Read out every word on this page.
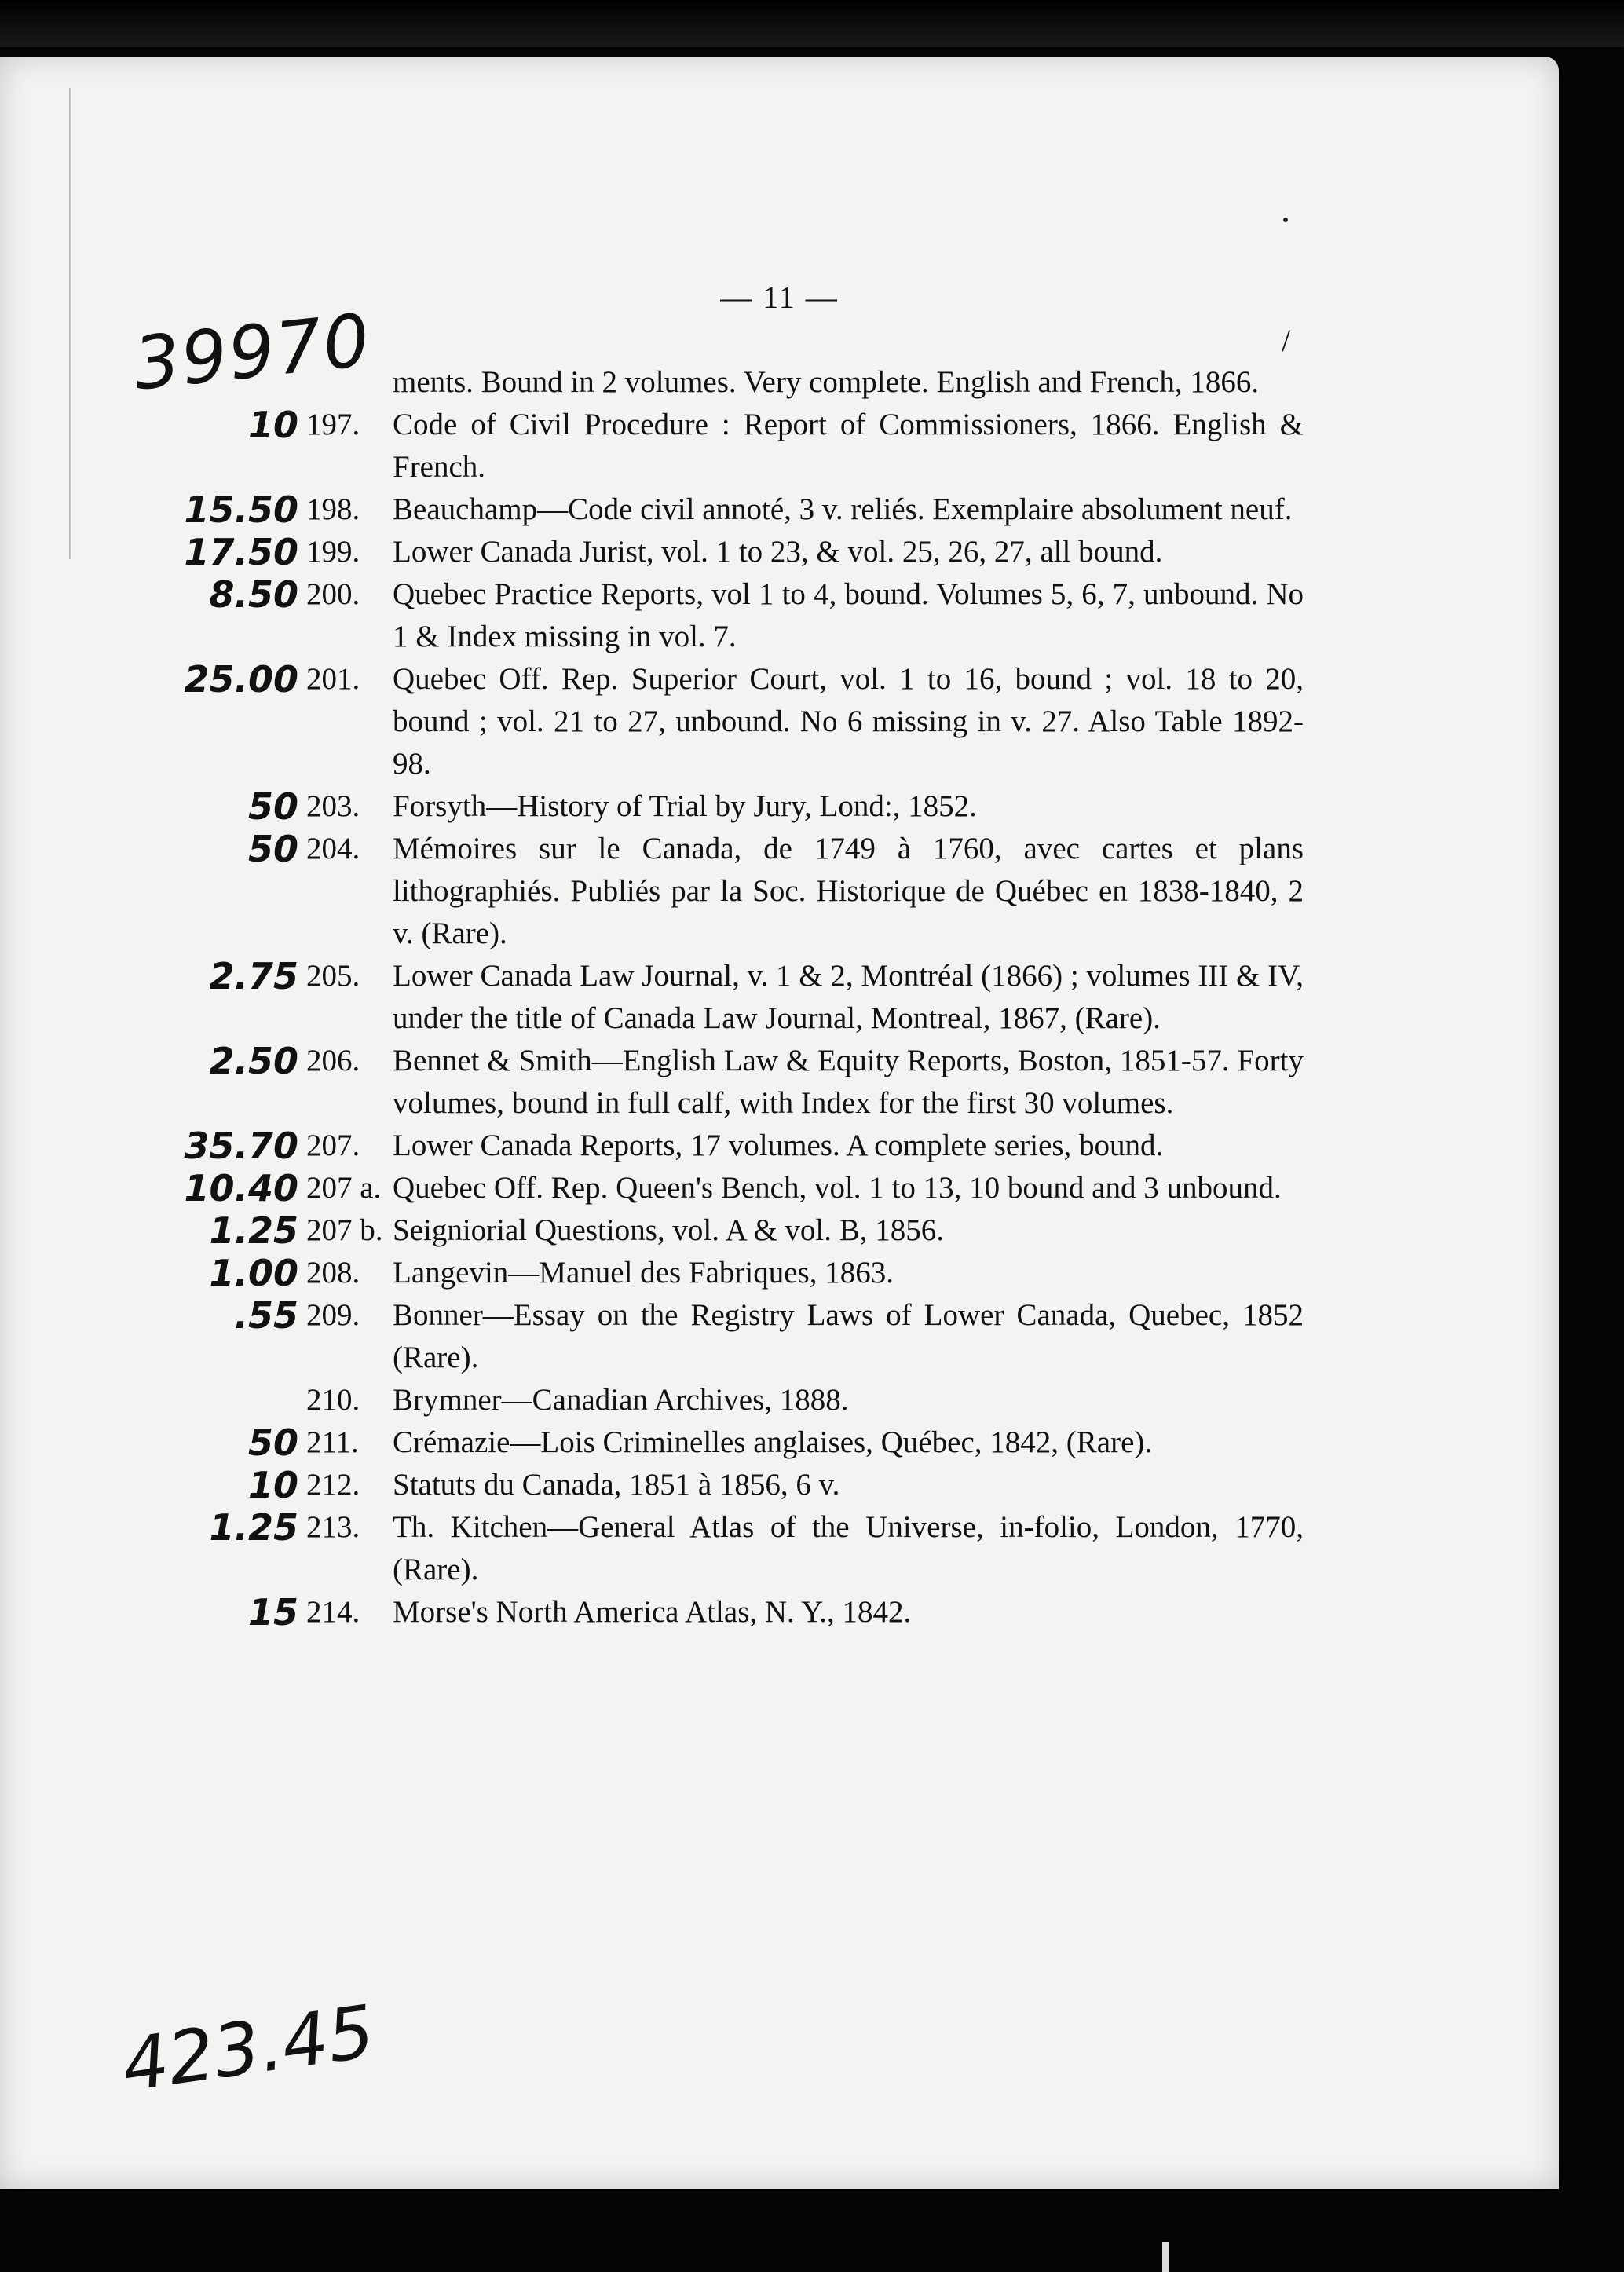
— 11 —
39970	/
ments. Bound in 2 volumes. Very complete. English and French, 1866.
10 197.	Code of Civil Procedure : Report of Commissioners, 1866. English & French.
15.50 198.	Beauchamp—Code civil annoté, 3 v. reliés. Exemplaire absolument neuf.
17.50 199.	Lower Canada Jurist, vol. 1 to 23, & vol. 25, 26, 27, all bound.
8.50 200.	Quebec Practice Reports, vol 1 to 4, bound. Volumes 5, 6, 7, unbound. No 1 & Index missing in vol. 7.
25.00 201.	Quebec Off. Rep. Superior Court, vol. 1 to 16, bound ; vol. 18 to 20, bound ; vol. 21 to 27, unbound. No 6 missing in v. 27. Also Table 1892-98.
50 203.	Forsyth—History of Trial by Jury, Lond:, 1852.
50 204.	Mémoires sur le Canada, de 1749 à 1760, avec cartes et plans lithographiés. Publiés par la Soc. Historique de Québec en 1838-1840, 2 v. (Rare).
2.75 205.	Lower Canada Law Journal, v. 1 & 2, Montréal (1866) ; volumes III & IV, under the title of Canada Law Journal, Montreal, 1867, (Rare).
2.50 206.	Bennet & Smith—English Law & Equity Reports, Boston, 1851-57. Forty volumes, bound in full calf, with Index for the first 30 volumes.
35.70 207.	Lower Canada Reports, 17 volumes. A complete series, bound.
10.40 207 a. Quebec Off. Rep. Queen's Bench, vol. 1 to 13, 10 bound and 3 unbound.
1.25 207 b. Seigniorial Questions, vol. A & vol. B, 1856.
1.00 208.	Langevin—Manuel des Fabriques, 1863.
.55 209.	Bonner—Essay on the Registry Laws of Lower Canada, Quebec, 1852 (Rare).
210.	Brymner—Canadian Archives, 1888.
50 211.	Crémazie—Lois Criminelles anglaises, Québec, 1842, (Rare).
10 212.	Statuts du Canada, 1851 à 1856, 6 v.
1.25 213.	Th. Kitchen—General Atlas of the Universe, in-folio, London, 1770, (Rare).
15 214.	Morse's North America Atlas, N. Y., 1842.
423.45
